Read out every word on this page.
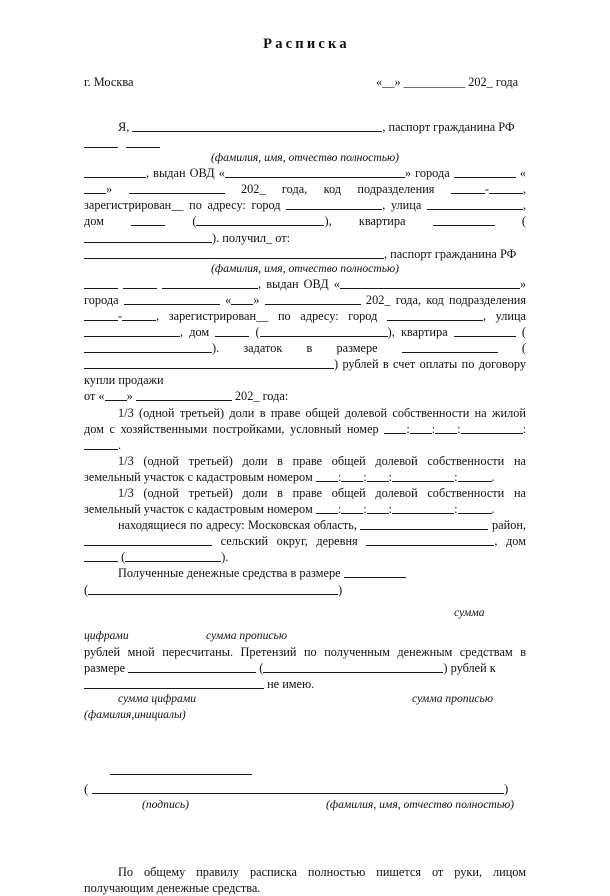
Расписка
г. Москва	«__» __________ 202_ года
Я,	, паспорт гражданина РФ
(фамилия, имя, отчество полностью)
, выдан ОВД «	» города	«»	202_ года, код подразделения	-	, зарегистрирован__ по адресу: город	, улица	, дом	(	), квартира	(). получил_ от:
, паспорт гражданина РФ
(фамилия, имя, отчество полностью)
, выдан ОВД «	» города	« »	202_ года, код подразделения -	, зарегистрирован__ по адресу: город	, улица , дом	(	), квартира	(). задаток в размере	() рублей в счет оплаты по договору купли продажи
от « »	202_ года:
1/3 (одной третьей) доли в праве общей долевой собственности на жилой дом с хозяйственными постройками, условный номер : : :	:.
1/3 (одной третьей) доли в праве общей долевой собственности на земельный участок с кадастровым номером : : :	:	.
1/3 (одной третьей) доли в праве общей долевой собственности на земельный участок с кадастровым номером : : :	:	.
находящиеся по адресу: Московская область,	район,  сельский округ, деревня	, дом  (	).
Полученные денежные средства в размере
(	)
сумма
цифрами	сумма прописью
рублей мной пересчитаны. Претензий по полученным денежным средствам в размере	(	) рублей к
не имею.
сумма цифрами	сумма прописью
(фамилия,инициалы)
(	)
(подпись)	(фамилия, имя, отчество полностью)
По общему правилу расписка полностью пишется от руки, лицом получающим денежные средства.
